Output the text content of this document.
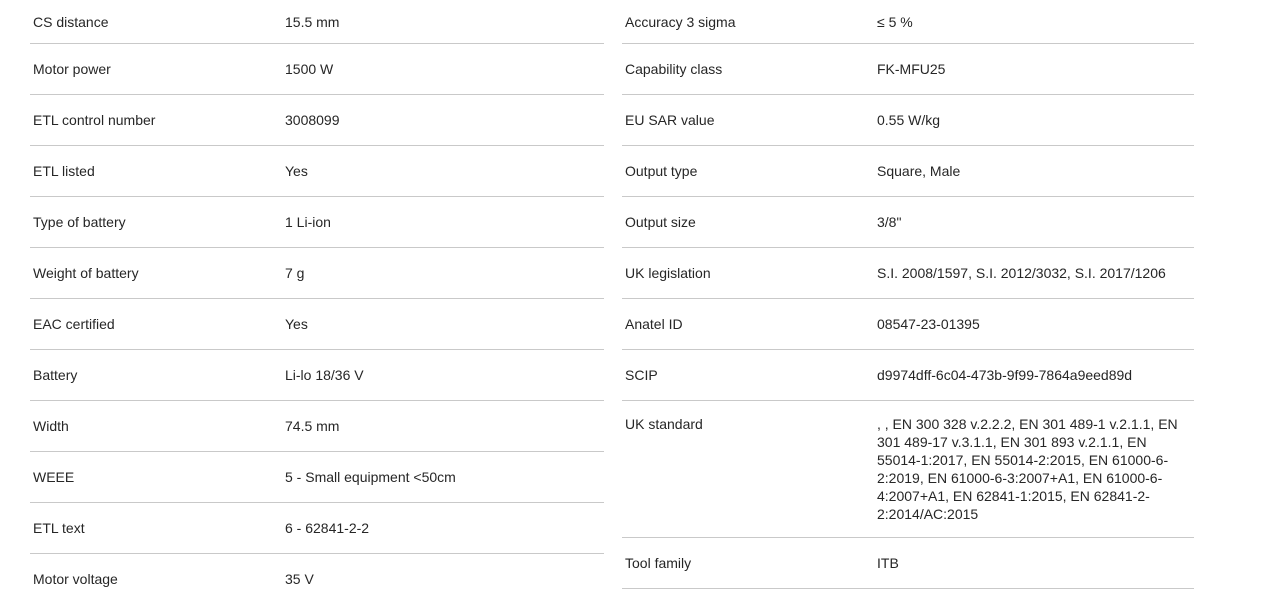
CS distance	15.5 mm
Motor power	1500 W
ETL control number	3008099
ETL listed	Yes
Type of battery	1 Li-ion
Weight of battery	7 g
EAC certified	Yes
Battery	Li-lo 18/36 V
Width	74.5 mm
WEEE	5 - Small equipment <50cm
ETL text	6 - 62841-2-2
Motor voltage	35 V
Accuracy 3 sigma	≤ 5 %
Capability class	FK-MFU25
EU SAR value	0.55 W/kg
Output type	Square, Male
Output size	3/8"
UK legislation	S.I. 2008/1597, S.I. 2012/3032, S.I. 2017/1206
Anatel ID	08547-23-01395
SCIP	d9974dff-6c04-473b-9f99-7864a9eed89d
UK standard	, , EN 300 328 v.2.2.2, EN 301 489-1 v.2.1.1, EN 301 489-17 v.3.1.1, EN 301 893 v.2.1.1, EN 55014-1:2017, EN 55014-2:2015, EN 61000-6-2:2019, EN 61000-6-3:2007+A1, EN 61000-6-4:2007+A1, EN 62841-1:2015, EN 62841-2-2:2014/AC:2015
Tool family	ITB
